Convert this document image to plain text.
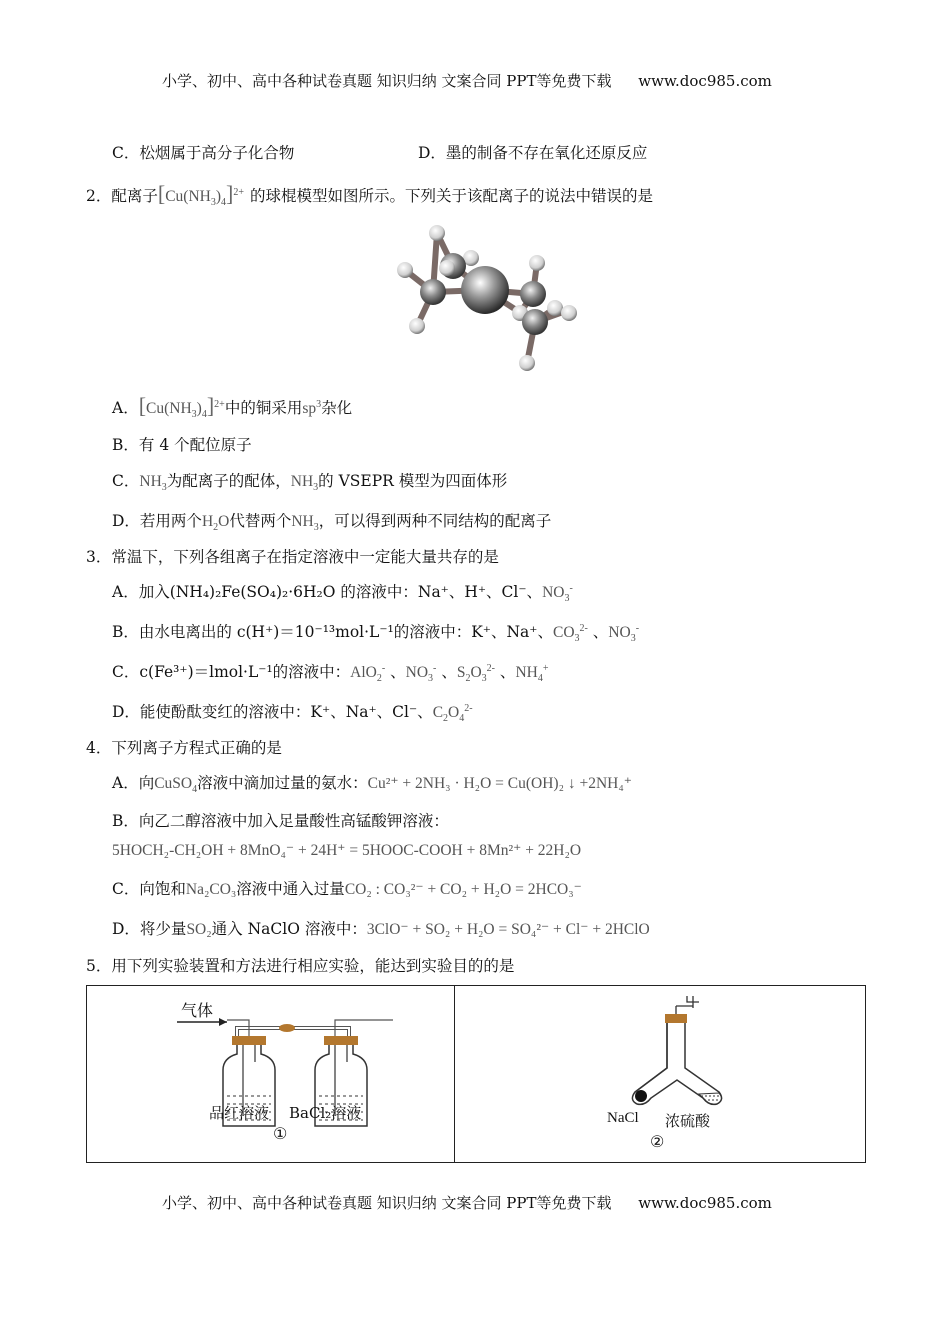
小学、初中、高中各种试卷真题 知识归纳 文案合同 PPT等免费下载 www.doc985.com
C．松烟属于高分子化合物	D．墨的制备不存在氧化还原反应
2．配离子$[Cu(NH_3)_4]^{2+}$ 的球棍模型如图所示。下列关于该配离子的说法中错误的是
A．$[Cu(NH_3)_4]^{2+}$中的铜采用$sp^3$杂化
B．有 4 个配位原子
C．$NH_3$为配离子的配体，$NH_3$的 VSEPR 模型为四面体形
D．若用两个$H_2O$代替两个$NH_3$，可以得到两种不同结构的配离子
3．常温下，下列各组离子在指定溶液中一定能大量共存的是
A．加入(NH₄)₂Fe(SO₄)₂·6H₂O 的溶液中：Na⁺、H⁺、Cl⁻、$NO_3^-$
B．由水电离出的 c(H⁺)＝10⁻¹³mol·L⁻¹的溶液中：K⁺、Na⁺、$CO_3^{2-}$ 、$NO_3^-$
C．c(Fe³⁺)＝lmol·L⁻¹的溶液中：AlO$_2$- 、$NO_3^-$ 、$S_2O_3^{2-}$ 、$NH_4^+$
D．能使酚酞变红的溶液中：K⁺、Na⁺、Cl⁻、$C_2O_4^{2-}$
4．下列离子方程式正确的是
A．向CuSO$_4$溶液中滴加过量的氨水：Cu²⁺ + 2NH₃ · H₂O = Cu(OH)₂ ↓ +2NH₄⁺
B．向乙二醇溶液中加入足量酸性高锰酸钾溶液：
5HOCH₂-CH₂OH + 8MnO₄⁻ + 24H⁺ = 5HOOC-COOH + 8Mn²⁺ + 22H₂O
C．向饱和Na₂CO₃溶液中通入过量CO₂ : CO₃²⁻ + CO₂ + H₂O = 2HCO₃⁻
D．将少量SO₂通入 NaClO 溶液中：3ClO⁻ + SO₂ + H₂O = SO₄²⁻ + Cl⁻ + 2HClO
5．用下列实验装置和方法进行相应实验，能达到实验目的的是
气体
品红溶液 BaCl₂溶液
①
NaCl 浓硫酸
②
小学、初中、高中各种试卷真题 知识归纳 文案合同 PPT等免费下载 www.doc985.com
